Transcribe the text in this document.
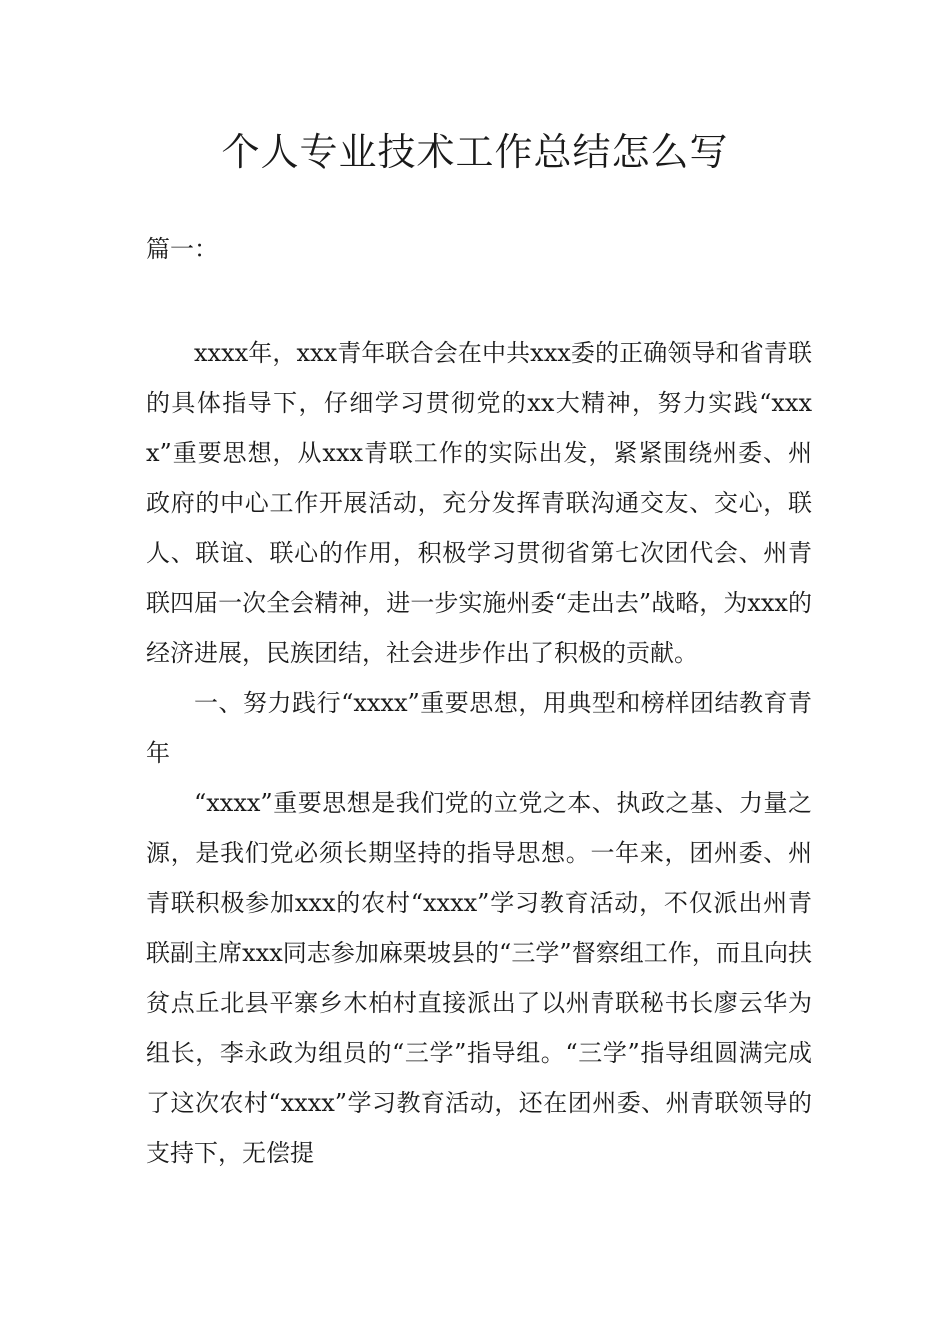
个人专业技术工作总结怎么写

篇一：

xxxx年，xxx青年联合会在中共xxx委的正确领导和省青联的具体指导下，仔细学习贯彻党的xx大精神，努力实践“xxxx”重要思想，从xxx青联工作的实际出发，紧紧围绕州委、州政府的中心工作开展活动，充分发挥青联沟通交友、交心，联人、联谊、联心的作用，积极学习贯彻省第七次团代会、州青联四届一次全会精神，进一步实施州委“走出去”战略，为xxx的经济进展，民族团结，社会进步作出了积极的贡献。

一、努力践行“xxxx”重要思想，用典型和榜样团结教育青年

“xxxx”重要思想是我们党的立党之本、执政之基、力量之源，是我们党必须长期坚持的指导思想。一年来，团州委、州青联积极参加xxx的农村“xxxx”学习教育活动，不仅派出州青联副主席xxx同志参加麻栗坡县的“三学”督察组工作，而且向扶贫点丘北县平寨乡木柏村直接派出了以州青联秘书长廖云华为组长，李永政为组员的“三学”指导组。“三学”指导组圆满完成了这次农村“xxxx”学习教育活动，还在团州委、州青联领导的支持下，无偿提
